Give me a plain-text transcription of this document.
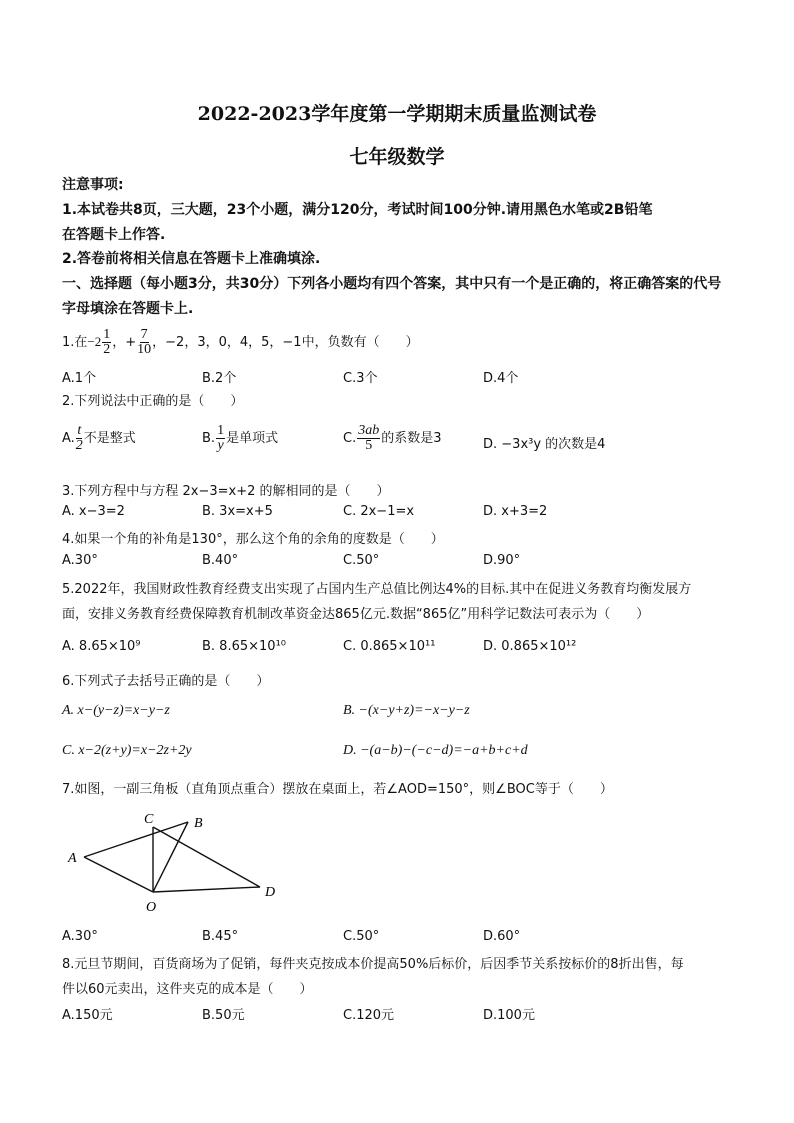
2022-2023学年度第一学期期末质量监测试卷
七年级数学
注意事项:
1.本试卷共8页，三大题，23个小题，满分120分，考试时间100分钟.请用黑色水笔或2B铅笔
在答题卡上作答.
2.答卷前将相关信息在答题卡上准确填涂.
一、选择题（每小题3分，共30分）下列各小题均有四个答案，其中只有一个是正确的，将正确答案的代号
字母填涂在答题卡上.
1.在$-2 \frac{1}{2}$ ，+ $\frac{7}{10}$ ，−2，3，0，4，5，−1中，负数有（　　）
A.1个	B.2个	C.3个	D.4个
2.下列说法中正确的是（　　）
A. $\frac{t}{2}$ 不是整式	B. $\frac{1}{y}$ 是单项式	C. $\frac{3ab}{5}$ 的系数是3	D. −3x³y 的次数是4
3.下列方程中与方程 2x−3=x+2 的解相同的是（　　）
A. x−3=2	B. 3x=x+5	C. 2x−1=x	D. x+3=2
4.如果一个角的补角是130°，那么这个角的余角的度数是（　　）
A.30°	B.40°	C.50°	D.90°
5.2022年，我国财政性教育经费支出实现了占国内生产总值比例达4%的目标.其中在促进义务教育均衡发展方
面，安排义务教育经费保障教育机制改革资金达865亿元.数据“865亿”用科学记数法可表示为（　　）
A. 8.65×10⁹	B. 8.65×10¹⁰	C. 0.865×10¹¹	D. 0.865×10¹²
6.下列式子去括号正确的是（　　）
A. x−(y−z)=x−y−z	B. −(x−y+z)=−x−y−z
C. x−2(z+y)=x−2z+2y	D. −(a−b)−(−c−d)=−a+b+c+d
7.如图，一副三角板（直角顶点重合）摆放在桌面上，若∠AOD=150°，则∠BOC等于（　　）
A
B
C
D
O
A.30°	B.45°	C.50°	D.60°
8.元旦节期间，百货商场为了促销，每件夹克按成本价提高50%后标价，后因季节关系按标价的8折出售，每
件以60元卖出，这件夹克的成本是（　　）
A.150元	B.50元	C.120元	D.100元
